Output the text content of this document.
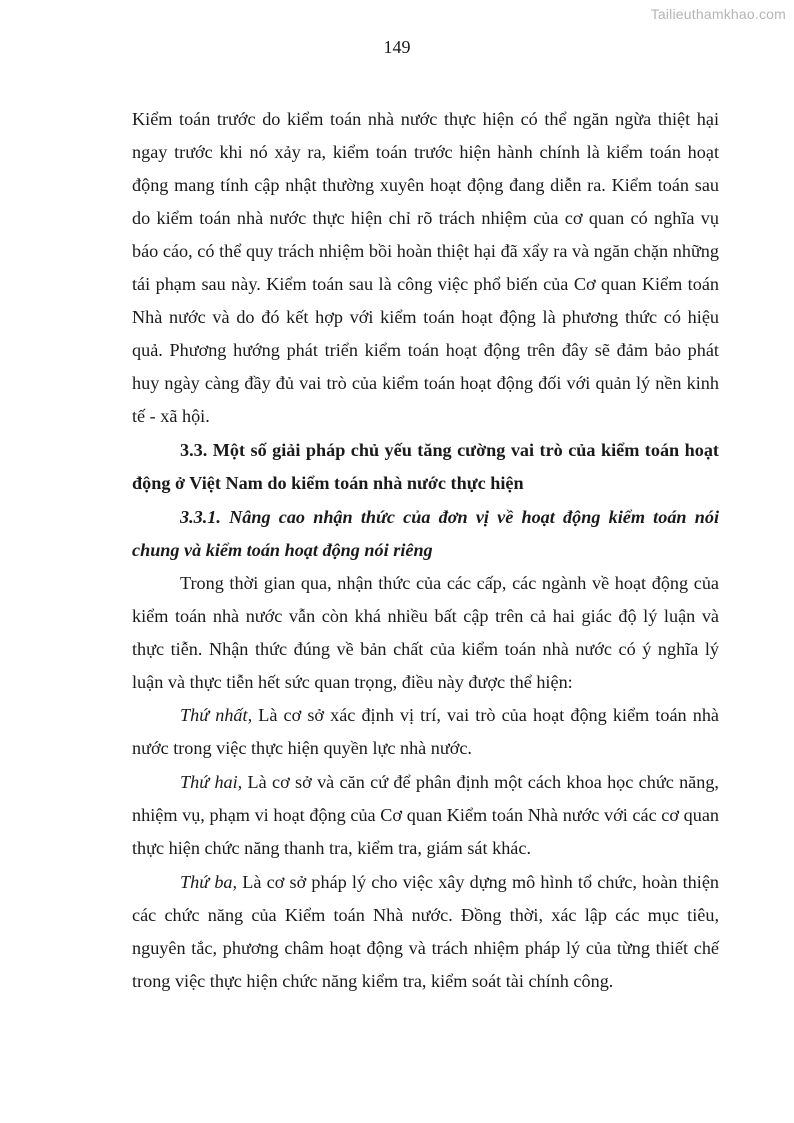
Tailieuthamkhao.com
149

Kiểm toán trước do kiểm toán nhà nước thực hiện có thể ngăn ngừa thiệt hại ngay trước khi nó xảy ra, kiểm toán trước hiện hành chính là kiểm toán hoạt động mang tính cập nhật thường xuyên hoạt động đang diễn ra. Kiểm toán sau do kiểm toán nhà nước thực hiện chỉ rõ trách nhiệm của cơ quan có nghĩa vụ báo cáo, có thể quy trách nhiệm bồi hoàn thiệt hại đã xẩy ra và ngăn chặn những tái phạm sau này. Kiểm toán sau là công việc phổ biến của Cơ quan Kiểm toán Nhà nước và do đó kết hợp với kiểm toán hoạt động là phương thức có hiệu quả. Phương hướng phát triển kiểm toán hoạt động trên đây sẽ đảm bảo phát huy ngày càng đầy đủ vai trò của kiểm toán hoạt động đối với quản lý nền kinh tế - xã hội.

3.3. Một số giải pháp chủ yếu tăng cường vai trò của kiểm toán hoạt động ở Việt Nam do kiểm toán nhà nước thực hiện

3.3.1. Nâng cao nhận thức của đơn vị về hoạt động kiểm toán nói chung và kiểm toán hoạt động nói riêng

Trong thời gian qua, nhận thức của các cấp, các ngành về hoạt động của kiểm toán nhà nước vẫn còn khá nhiều bất cập trên cả hai giác độ lý luận và thực tiễn. Nhận thức đúng về bản chất của kiểm toán nhà nước có ý nghĩa lý luận và thực tiễn hết sức quan trọng, điều này được thể hiện:

Thứ nhất, Là cơ sở xác định vị trí, vai trò của hoạt động kiểm toán nhà nước trong việc thực hiện quyền lực nhà nước.

Thứ hai, Là cơ sở và căn cứ để phân định một cách khoa học chức năng, nhiệm vụ, phạm vi hoạt động của Cơ quan Kiểm toán Nhà nước với các cơ quan thực hiện chức năng thanh tra, kiểm tra, giám sát khác.

Thứ ba, Là cơ sở pháp lý cho việc xây dựng mô hình tổ chức, hoàn thiện các chức năng của Kiểm toán Nhà nước. Đồng thời, xác lập các mục tiêu, nguyên tắc, phương châm hoạt động và trách nhiệm pháp lý của từng thiết chế trong việc thực hiện chức năng kiểm tra, kiểm soát tài chính công.
